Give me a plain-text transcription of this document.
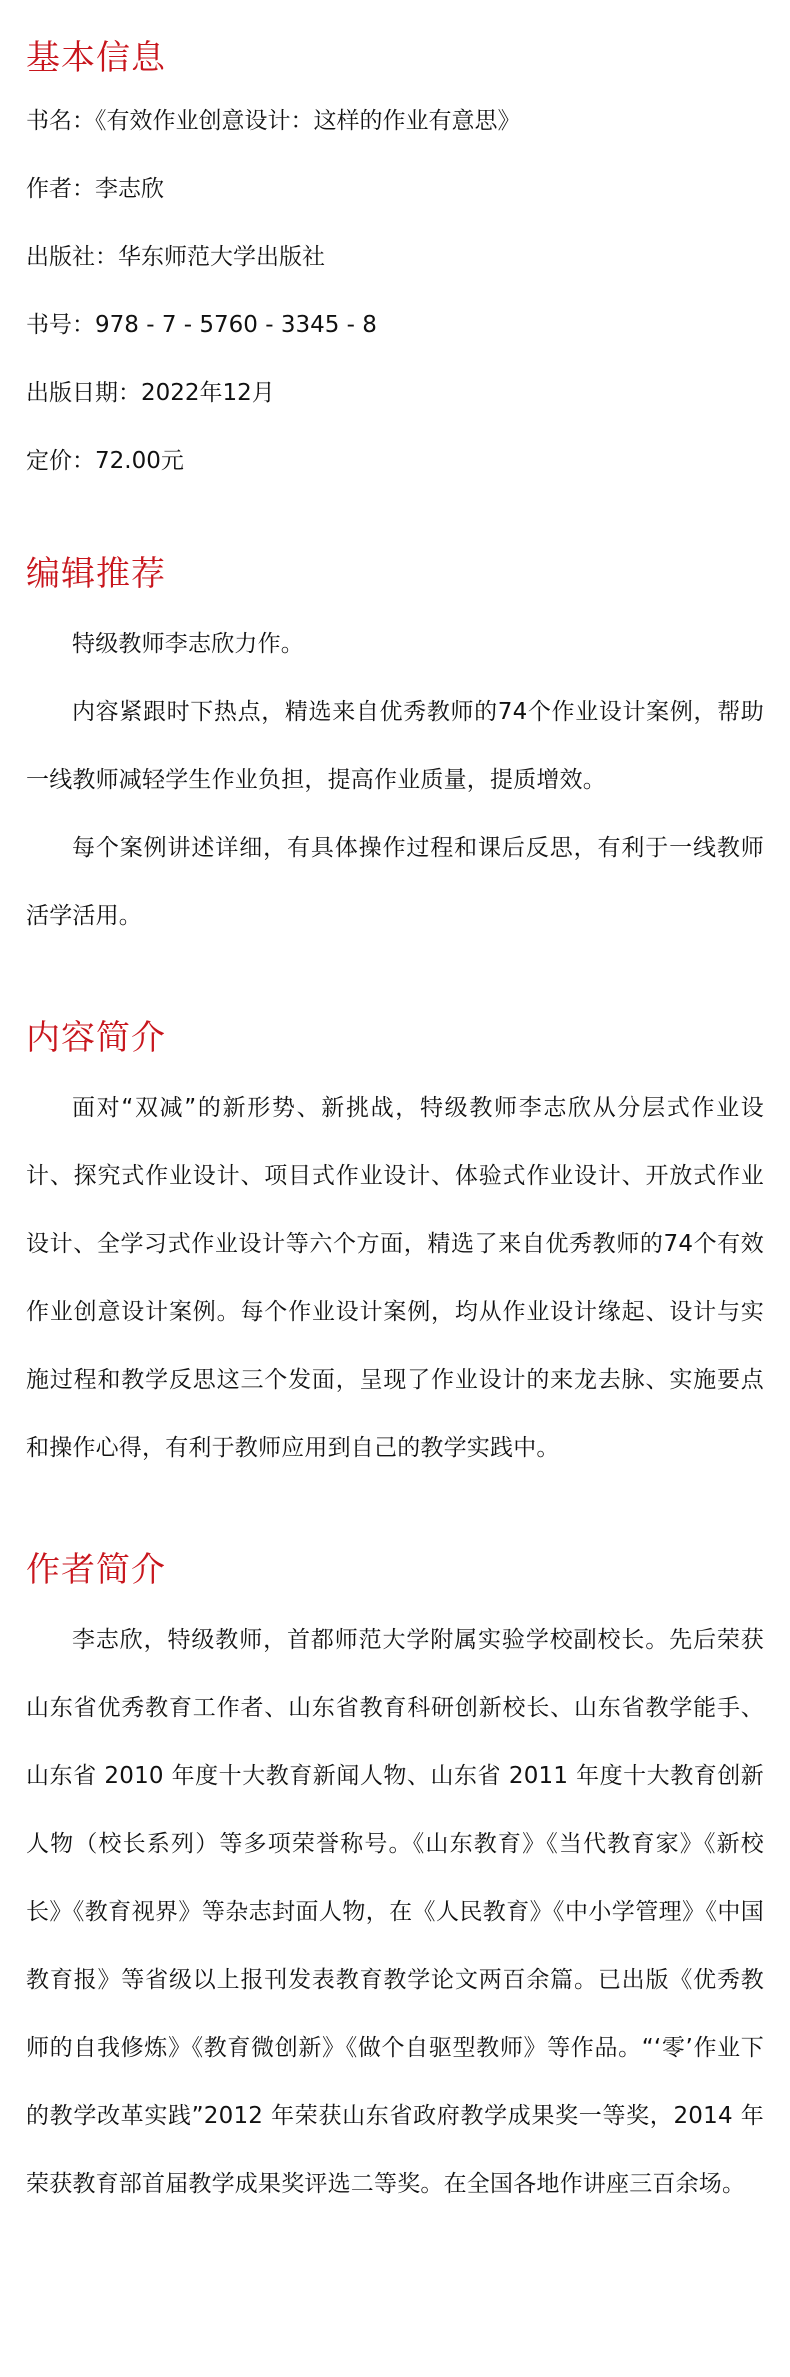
基本信息

书名：《有效作业创意设计：这样的作业有意思》

作者：李志欣

出版社：华东师范大学出版社

书号：978 - 7 - 5760 - 3345 - 8

出版日期：2022年12月

定价：72.00元

编辑推荐

特级教师李志欣力作。

内容紧跟时下热点，精选来自优秀教师的74个作业设计案例，帮助一线教师减轻学生作业负担，提高作业质量，提质增效。

每个案例讲述详细，有具体操作过程和课后反思，有利于一线教师活学活用。

内容简介

面对“双减”的新形势、新挑战，特级教师李志欣从分层式作业设计、探究式作业设计、项目式作业设计、体验式作业设计、开放式作业设计、全学习式作业设计等六个方面，精选了来自优秀教师的74个有效作业创意设计案例。每个作业设计案例，均从作业设计缘起、设计与实施过程和教学反思这三个发面，呈现了作业设计的来龙去脉、实施要点和操作心得，有利于教师应用到自己的教学实践中。

作者简介

李志欣，特级教师，首都师范大学附属实验学校副校长。先后荣获山东省优秀教育工作者、山东省教育科研创新校长、山东省教学能手、山东省 2010 年度十大教育新闻人物、山东省 2011 年度十大教育创新人物（校长系列）等多项荣誉称号。《山东教育》《当代教育家》《新校长》《教育视界》等杂志封面人物，在《人民教育》《中小学管理》《中国教育报》等省级以上报刊发表教育教学论文两百余篇。已出版《优秀教师的自我修炼》《教育微创新》《做个自驱型教师》等作品。“‘零’作业下的教学改革实践”2012 年荣获山东省政府教学成果奖一等奖，2014 年荣获教育部首届教学成果奖评选二等奖。在全国各地作讲座三百余场。
